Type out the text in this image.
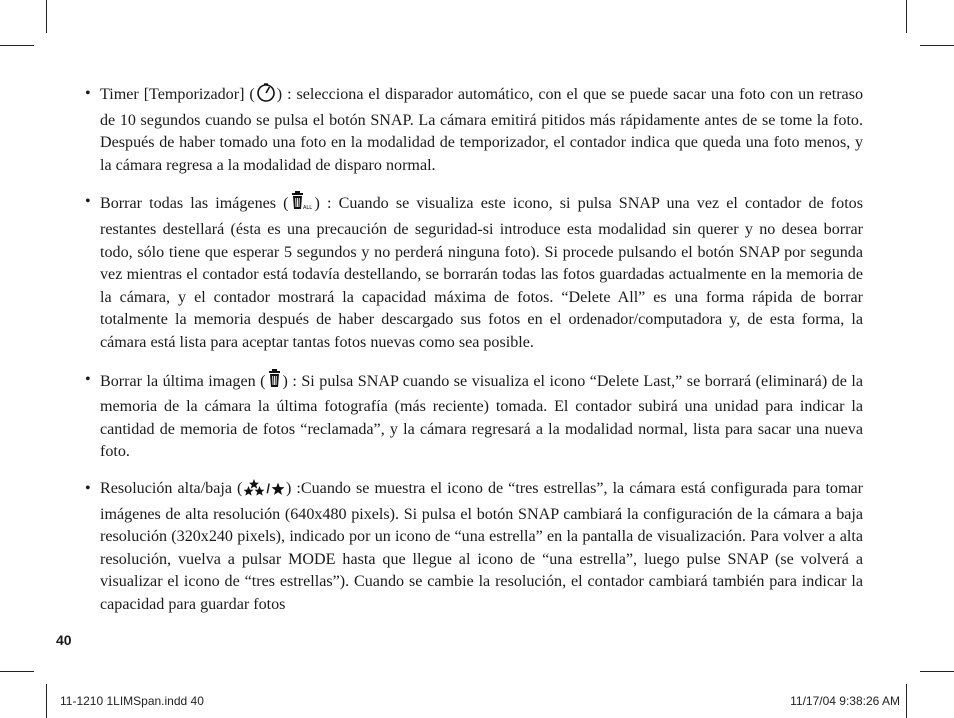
• Timer [Temporizador] ( ) : selecciona el disparador automático, con el que se puede sacar una foto con un retraso de 10 segundos cuando se pulsa el botón SNAP. La cámara emitirá pitidos más rápidamente antes de se tome la foto. Después de haber tomado una foto en la modalidad de temporizador, el contador indica que queda una foto menos, y la cámara regresa a la modalidad de disparo normal.
• Borrar todas las imágenes (	ALL ) : Cuando se visualiza este icono, si pulsa SNAP una vez el contador de fotos restantes destellará (ésta es una precaución de seguridad-si introduce esta modalidad sin querer y no desea borrar todo, sólo tiene que esperar 5 segundos y no perderá ninguna foto). Si procede pulsando el botón SNAP por segunda vez mientras el contador está todavía destellando, se borrarán todas las fotos guardadas actualmente en la memoria de la cámara, y el contador mostrará la capacidad máxima de fotos. “Delete All” es una forma rápida de borrar totalmente la memoria después de haber descargado sus fotos en el ordenador/computadora y, de esta forma, la cámara está lista para aceptar tantas fotos nuevas como sea posible.
• Borrar la última imagen ( ) : Si pulsa SNAP cuando se visualiza el icono “Delete Last,” se borrará (eliminará) de la memoria de la cámara la última fotografía (más reciente) tomada. El contador subirá una unidad para indicar la cantidad de memoria de fotos “reclamada”, y la cámara regresará a la modalidad normal, lista para sacar una nueva foto.
• Resolución alta/baja ( / ) :Cuando se muestra el icono de “tres estrellas”, la cámara está configurada para tomar imágenes de alta resolución (640x480 pixels). Si pulsa el botón SNAP cambiará la configuración de la cámara a baja resolución (320x240 pixels), indicado por un icono de “una estrella” en la pantalla de visualización. Para volver a alta resolución, vuelva a pulsar MODE hasta que llegue al icono de “una estrella”, luego pulse SNAP (se volverá a visualizar el icono de “tres estrellas”). Cuando se cambie la resolución, el contador cambiará también para indicar la capacidad para guardar fotos
40
11-1210 1LIMSpan.indd 40	11/17/04 9:38:26 AM
